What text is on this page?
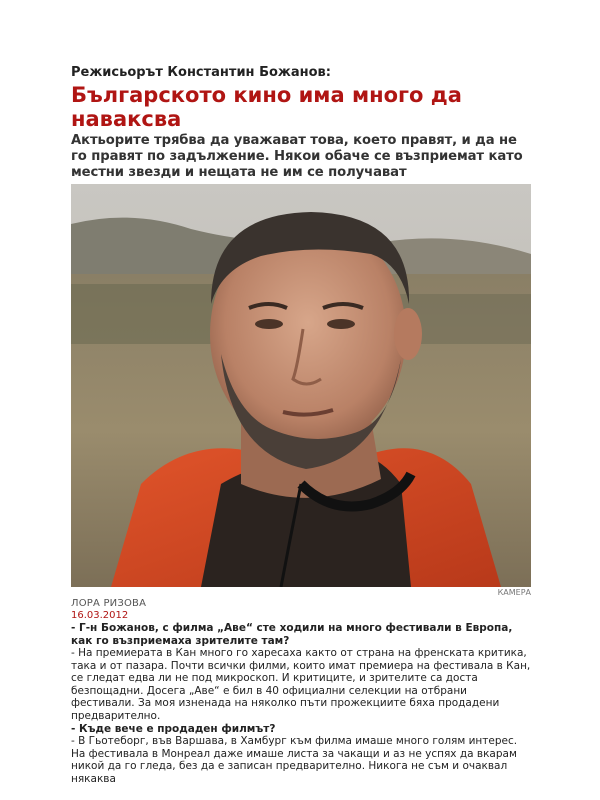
Режисьорът Константин Божанов:

Българското кино има много да наваксва

Актьорите трябва да уважават това, което правят, и да не го правят по задължение. Някои обаче се възприемат като местни звезди и нещата не им се получават

КАМЕРА

ЛОРА РИЗОВА

16.03.2012

- Г-н Божанов, с филма „Аве“ сте ходили на много фестивали в Европа, как го възприемаха зрителите там?

- На премиерата в Кан много го харесаха както от страна на френската критика, така и от пазара. Почти всички филми, които имат премиера на фестивала в Кан, се гледат едва ли не под микроскоп. И критиците, и зрителите са доста безпощадни. Досега „Аве“ е бил в 40 официални селекции на отбрани фестивали. За моя изненада на няколко пъти прожекциите бяха продадени предварително.

- Къде вече е продаден филмът?

- В Гьотеборг, във Варшава, в Хамбург към филма имаше много голям интерес. На фестивала в Монреал даже имаше листа за чакащи и аз не успях да вкарам никой да го гледа, без да е записан предварително. Никога не съм и очаквал някаква
